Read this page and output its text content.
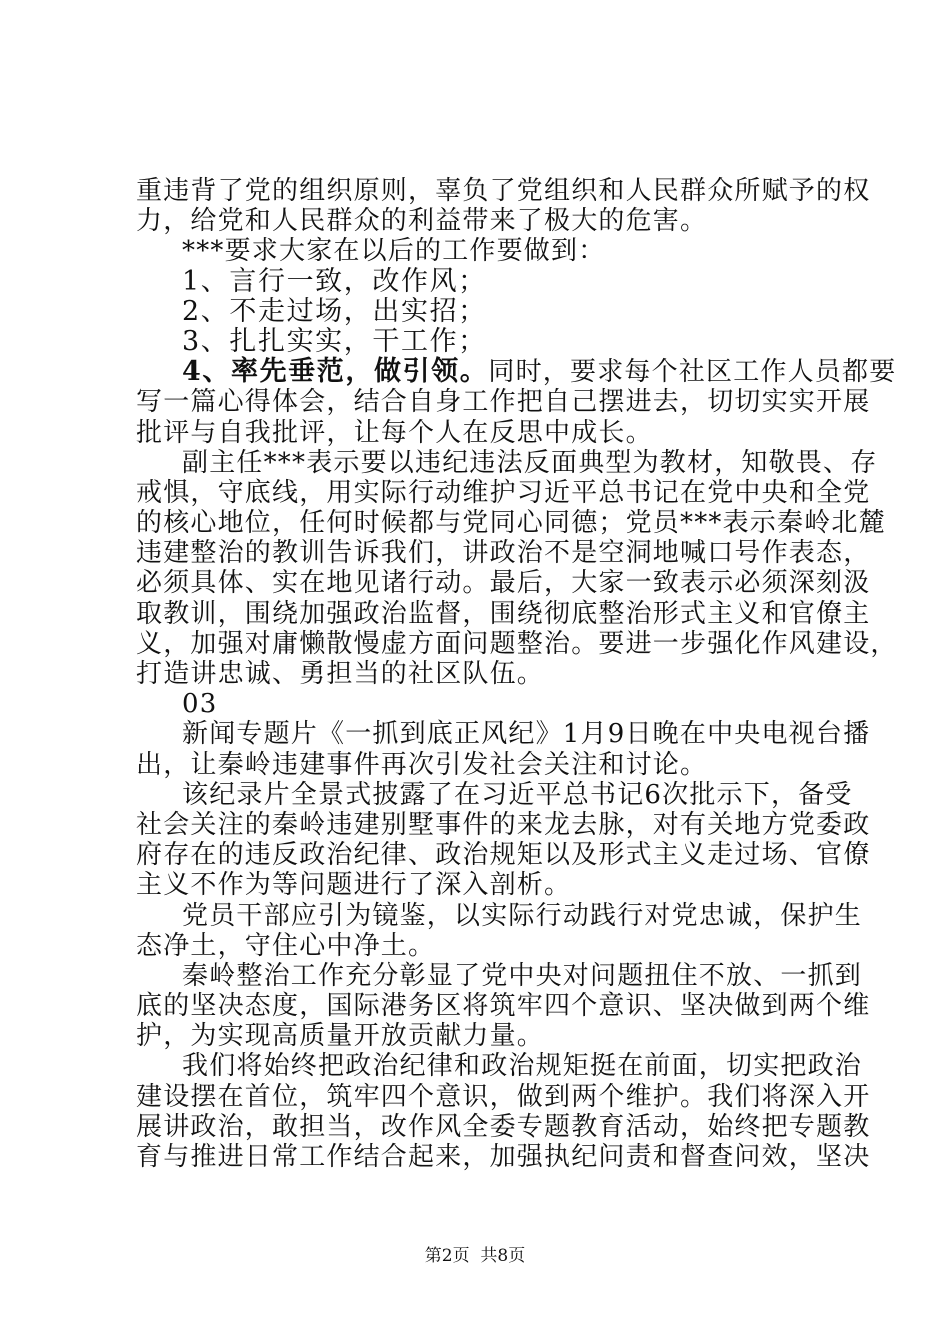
重违背了党的组织原则，辜负了党组织和人民群众所赋予的权
力，给党和人民群众的利益带来了极大的危害。
***要求大家在以后的工作要做到：
1、言行一致，改作风；
2、不走过场，出实招；
3、扎扎实实，干工作；
4、率先垂范，做引领。同时，要求每个社区工作人员都要
写一篇心得体会，结合自身工作把自己摆进去，切切实实开展
批评与自我批评，让每个人在反思中成长。
副主任***表示要以违纪违法反面典型为教材，知敬畏、存
戒惧，守底线，用实际行动维护习近平总书记在党中央和全党
的核心地位，任何时候都与党同心同德；党员***表示秦岭北麓
违建整治的教训告诉我们，讲政治不是空洞地喊口号作表态，
必须具体、实在地见诸行动。最后，大家一致表示必须深刻汲
取教训，围绕加强政治监督，围绕彻底整治形式主义和官僚主
义，加强对庸懒散慢虚方面问题整治。要进一步强化作风建设，
打造讲忠诚、勇担当的社区队伍。
03
新闻专题片《一抓到底正风纪》1月9日晚在中央电视台播
出，让秦岭违建事件再次引发社会关注和讨论。
该纪录片全景式披露了在习近平总书记6次批示下，备受
社会关注的秦岭违建别墅事件的来龙去脉，对有关地方党委政
府存在的违反政治纪律、政治规矩以及形式主义走过场、官僚
主义不作为等问题进行了深入剖析。
党员干部应引为镜鉴，以实际行动践行对党忠诚，保护生
态净土，守住心中净土。
秦岭整治工作充分彰显了党中央对问题扭住不放、一抓到
底的坚决态度，国际港务区将筑牢四个意识、坚决做到两个维
护，为实现高质量开放贡献力量。
我们将始终把政治纪律和政治规矩挺在前面，切实把政治
建设摆在首位，筑牢四个意识，做到两个维护。我们将深入开
展讲政治，敢担当，改作风全委专题教育活动，始终把专题教
育与推进日常工作结合起来，加强执纪问责和督查问效，坚决
第2页  共8页
